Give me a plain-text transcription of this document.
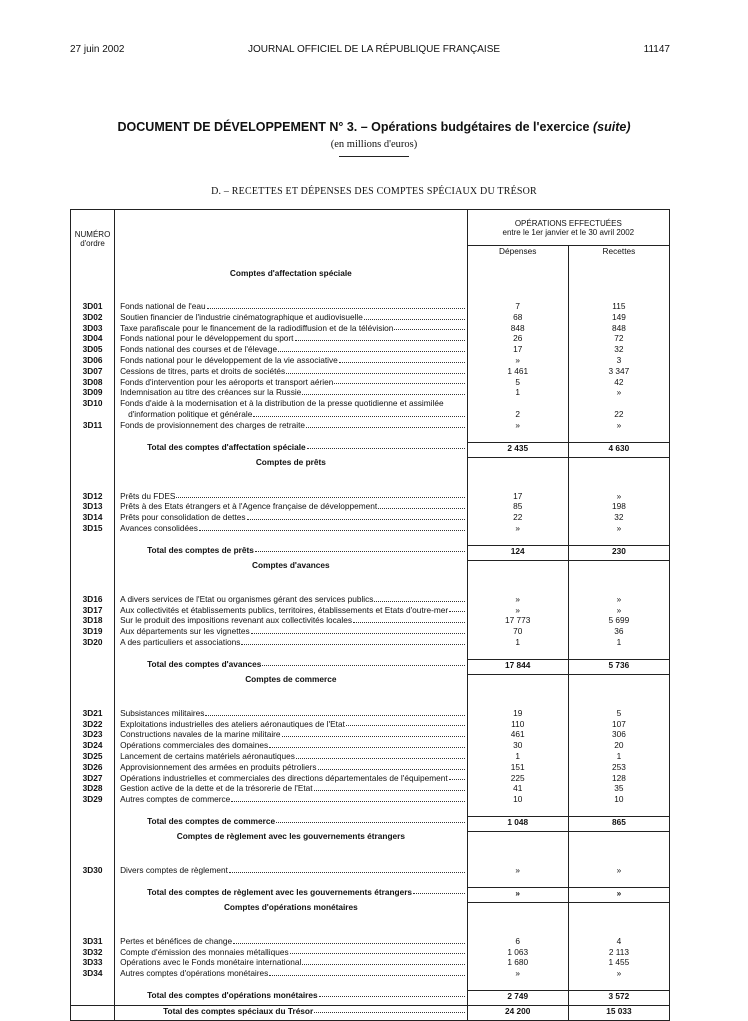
27 juin 2002	JOURNAL OFFICIEL DE LA RÉPUBLIQUE FRANÇAISE	11147
DOCUMENT DE DÉVELOPPEMENT N° 3. – Opérations budgétaires de l'exercice (suite)
(en millions d'euros)
D. – RECETTES ET DÉPENSES DES COMPTES SPÉCIAUX DU TRÉSOR
NUMÉRO d'ordre		OPÉRATIONS EFFECTUÉES
entre le 1er janvier et le 30 avril 2002	

		Dépenses	Recettes
	Comptes d'affectation spéciale		

3D01	Fonds national de l'eau	7	115
3D02	Soutien financier de l'industrie cinématographique et audiovisuelle	68	149
3D03	Taxe parafiscale pour le financement de la radiodiffusion et de la télévision	848	848
3D04	Fonds national pour le développement du sport	26	72
3D05	Fonds national des courses et de l'élevage	17	32
3D06	Fonds national pour le développement de la vie associative	»	3
3D07	Cessions de titres, parts et droits de sociétés	1 461	3 347
3D08	Fonds d'intervention pour les aéroports et transport aérien	5	42
3D09	Indemnisation au titre des créances sur la Russie	1	»
3D10	Fonds d'aide à la modernisation et à la distribution de la presse quotidienne et assimilée
d'information politique et générale	2	22
3D11	Fonds de provisionnement des charges de retraite	»	»

	Total des comptes d'affectation spéciale	2 435	4 630
	Comptes de prêts		

3D12	Prêts du FDES	17	»
3D13	Prêts à des Etats étrangers et à l'Agence française de développement	85	198
3D14	Prêts pour consolidation de dettes	22	32
3D15	Avances consolidées	»	»

	Total des comptes de prêts	124	230
	Comptes d'avances		

3D16	A divers services de l'Etat ou organismes gérant des services publics	»	»
3D17	Aux collectivités et établissements publics, territoires, établissements et Etats d'outre-mer	»	»
3D18	Sur le produit des impositions revenant aux collectivités locales	17 773	5 699
3D19	Aux départements sur les vignettes	70	36
3D20	A des particuliers et associations	1	1

	Total des comptes d'avances	17 844	5 736
	Comptes de commerce		

3D21	Subsistances militaires	19	5
3D22	Exploitations industrielles des ateliers aéronautiques de l'Etat	110	107
3D23	Constructions navales de la marine militaire	461	306
3D24	Opérations commerciales des domaines	30	20
3D25	Lancement de certains matériels aéronautiques	1	1
3D26	Approvisionnement des armées en produits pétroliers	151	253
3D27	Opérations industrielles et commerciales des directions départementales de l'équipement	225	128
3D28	Gestion active de la dette et de la trésorerie de l'Etat	41	35
3D29	Autres comptes de commerce	10	10

	Total des comptes de commerce	1 048	865
	Comptes de règlement avec les gouvernements étrangers		

3D30	Divers comptes de règlement	»	»

	Total des comptes de règlement avec les gouvernements étrangers	»	»
	Comptes d'opérations monétaires		

3D31	Pertes et bénéfices de change	6	4
3D32	Compte d'émission des monnaies métalliques	1 063	2 113
3D33	Opérations avec le Fonds monétaire international	1 680	1 455
3D34	Autres comptes d'opérations monétaires	»	»

	Total des comptes d'opérations monétaires	2 749	3 572

	Total des comptes spéciaux du Trésor	24 200	15 033
